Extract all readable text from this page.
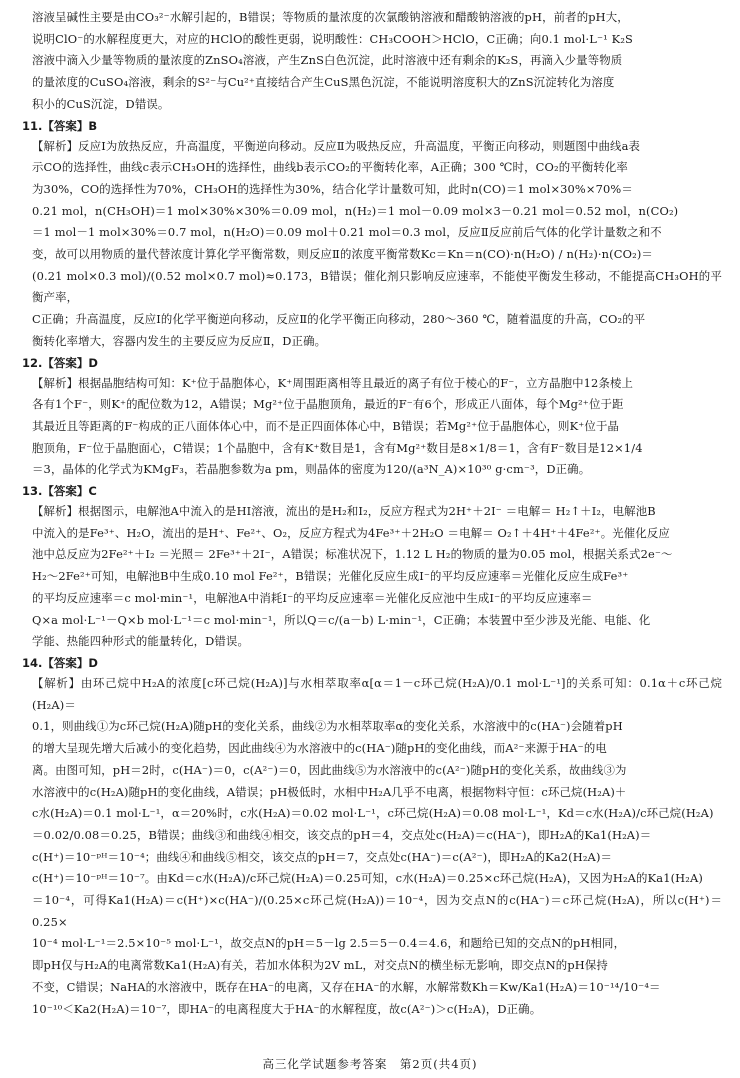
溶液呈碱性主要是由CO₃²⁻水解引起的，B错误；等物质的量浓度的次氯酸钠溶液和醋酸钠溶液的pH，前者的pH大，

说明ClO⁻的水解程度更大，对应的HClO的酸性更弱，说明酸性：CH₃COOH＞HClO，C正确；向0.1 mol·L⁻¹ K₂S

溶液中滴入少量等物质的量浓度的ZnSO₄溶液，产生ZnS白色沉淀，此时溶液中还有剩余的K₂S，再滴入少量等物质

的量浓度的CuSO₄溶液，剩余的S²⁻与Cu²⁺直接结合产生CuS黑色沉淀，不能说明溶度积大的ZnS沉淀转化为溶度

积小的CuS沉淀，D错误。

11.【答案】B

【解析】反应Ⅰ为放热反应，升高温度，平衡逆向移动。反应Ⅱ为吸热反应，升高温度，平衡正向移动，则题图中曲线a表

示CO的选择性，曲线c表示CH₃OH的选择性，曲线b表示CO₂的平衡转化率，A正确；300 ℃时，CO₂的平衡转化率

为30%，CO的选择性为70%，CH₃OH的选择性为30%，结合化学计量数可知，此时n(CO)＝1 mol×30%×70%＝

0.21 mol，n(CH₃OH)＝1 mol×30%×30%＝0.09 mol，n(H₂)＝1 mol－0.09 mol×3－0.21 mol＝0.52 mol，n(CO₂)

＝1 mol－1 mol×30%＝0.7 mol，n(H₂O)＝0.09 mol＋0.21 mol＝0.3 mol，反应Ⅱ反应前后气体的化学计量数之和不

变，故可以用物质的量代替浓度计算化学平衡常数，则反应Ⅱ的浓度平衡常数Kc＝Kn＝n(CO)·n(H₂O) / n(H₂)·n(CO₂)＝

(0.21 mol×0.3 mol)/(0.52 mol×0.7 mol)≈0.173，B错误；催化剂只影响反应速率，不能使平衡发生移动，不能提高CH₃OH的平衡产率，

C正确；升高温度，反应Ⅰ的化学平衡逆向移动，反应Ⅱ的化学平衡正向移动，280～360 ℃，随着温度的升高，CO₂的平

衡转化率增大，容器内发生的主要反应为反应Ⅱ，D正确。

12.【答案】D

【解析】根据晶胞结构可知：K⁺位于晶胞体心，K⁺周围距离相等且最近的离子有位于棱心的F⁻，立方晶胞中12条棱上

各有1个F⁻，则K⁺的配位数为12，A错误；Mg²⁺位于晶胞顶角，最近的F⁻有6个，形成正八面体，每个Mg²⁺位于距

其最近且等距离的F⁻构成的正八面体体心中，而不是正四面体体心中，B错误；若Mg²⁺位于晶胞体心，则K⁺位于晶

胞顶角，F⁻位于晶胞面心，C错误；1个晶胞中，含有K⁺数目是1，含有Mg²⁺数目是8×1/8＝1，含有F⁻数目是12×1/4

＝3，晶体的化学式为KMgF₃，若晶胞参数为a pm，则晶体的密度为120/(a³N_A)×10³⁰ g·cm⁻³，D正确。

13.【答案】C

【解析】根据图示，电解池A中流入的是HI溶液，流出的是H₂和I₂，反应方程式为2H⁺＋2I⁻ ＝电解＝ H₂↑＋I₂，电解池B

中流入的是Fe³⁺、H₂O，流出的是H⁺、Fe²⁺、O₂，反应方程式为4Fe³⁺＋2H₂O ＝电解＝ O₂↑＋4H⁺＋4Fe²⁺。光催化反应

池中总反应为2Fe²⁺＋I₂ ＝光照＝ 2Fe³⁺＋2I⁻，A错误；标准状况下，1.12 L H₂的物质的量为0.05 mol，根据关系式2e⁻～

H₂～2Fe²⁺可知，电解池B中生成0.10 mol Fe²⁺，B错误；光催化反应生成I⁻的平均反应速率＝光催化反应生成Fe³⁺

的平均反应速率＝c mol·min⁻¹，电解池A中消耗I⁻的平均反应速率＝光催化反应池中生成I⁻的平均反应速率＝

Q×a mol·L⁻¹－Q×b mol·L⁻¹＝c mol·min⁻¹，所以Q＝c/(a－b) L·min⁻¹，C正确；本装置中至少涉及光能、电能、化

学能、热能四种形式的能量转化，D错误。

14.【答案】D

【解析】由环己烷中H₂A的浓度[c环己烷(H₂A)]与水相萃取率α[α＝1－c环己烷(H₂A)/0.1 mol·L⁻¹]的关系可知：0.1α＋c环己烷(H₂A)＝

0.1，则曲线①为c环己烷(H₂A)随pH的变化关系，曲线②为水相萃取率α的变化关系，水溶液中的c(HA⁻)会随着pH

的增大呈现先增大后减小的变化趋势，因此曲线④为水溶液中的c(HA⁻)随pH的变化曲线，而A²⁻来源于HA⁻的电

离。由图可知，pH＝2时，c(HA⁻)＝0，c(A²⁻)＝0，因此曲线⑤为水溶液中的c(A²⁻)随pH的变化关系，故曲线③为

水溶液中的c(H₂A)随pH的变化曲线，A错误；pH极低时，水相中H₂A几乎不电离，根据物料守恒：c环己烷(H₂A)＋

c水(H₂A)＝0.1 mol·L⁻¹，α＝20%时，c水(H₂A)＝0.02 mol·L⁻¹，c环己烷(H₂A)＝0.08 mol·L⁻¹，Kd＝c水(H₂A)/c环己烷(H₂A)

＝0.02/0.08＝0.25，B错误；曲线③和曲线④相交，该交点的pH＝4，交点处c(H₂A)＝c(HA⁻)，即H₂A的Ka1(H₂A)＝

c(H⁺)＝10⁻ᵖᴴ＝10⁻⁴；曲线④和曲线⑤相交，该交点的pH＝7，交点处c(HA⁻)＝c(A²⁻)，即H₂A的Ka2(H₂A)＝

c(H⁺)＝10⁻ᵖᴴ＝10⁻⁷。由Kd＝c水(H₂A)/c环己烷(H₂A)＝0.25可知，c水(H₂A)＝0.25×c环己烷(H₂A)，又因为H₂A的Ka1(H₂A)

＝10⁻⁴，可得Ka1(H₂A)＝c(H⁺)×c(HA⁻)/(0.25×c环己烷(H₂A))＝10⁻⁴，因为交点N的c(HA⁻)＝c环己烷(H₂A)，所以c(H⁺)＝0.25×

10⁻⁴ mol·L⁻¹＝2.5×10⁻⁵ mol·L⁻¹，故交点N的pH＝5－lg 2.5＝5－0.4＝4.6，和题给已知的交点N的pH相同，

即pH仅与H₂A的电离常数Ka1(H₂A)有关，若加水体积为2V mL，对交点N的横坐标无影响，即交点N的pH保持

不变，C错误；NaHA的水溶液中，既存在HA⁻的电离，又存在HA⁻的水解，水解常数Kh＝Kw/Ka1(H₂A)＝10⁻¹⁴/10⁻⁴＝

10⁻¹⁰＜Ka2(H₂A)＝10⁻⁷，即HA⁻的电离程度大于HA⁻的水解程度，故c(A²⁻)＞c(H₂A)，D正确。

高三化学试题参考答案　第2页(共4页)
